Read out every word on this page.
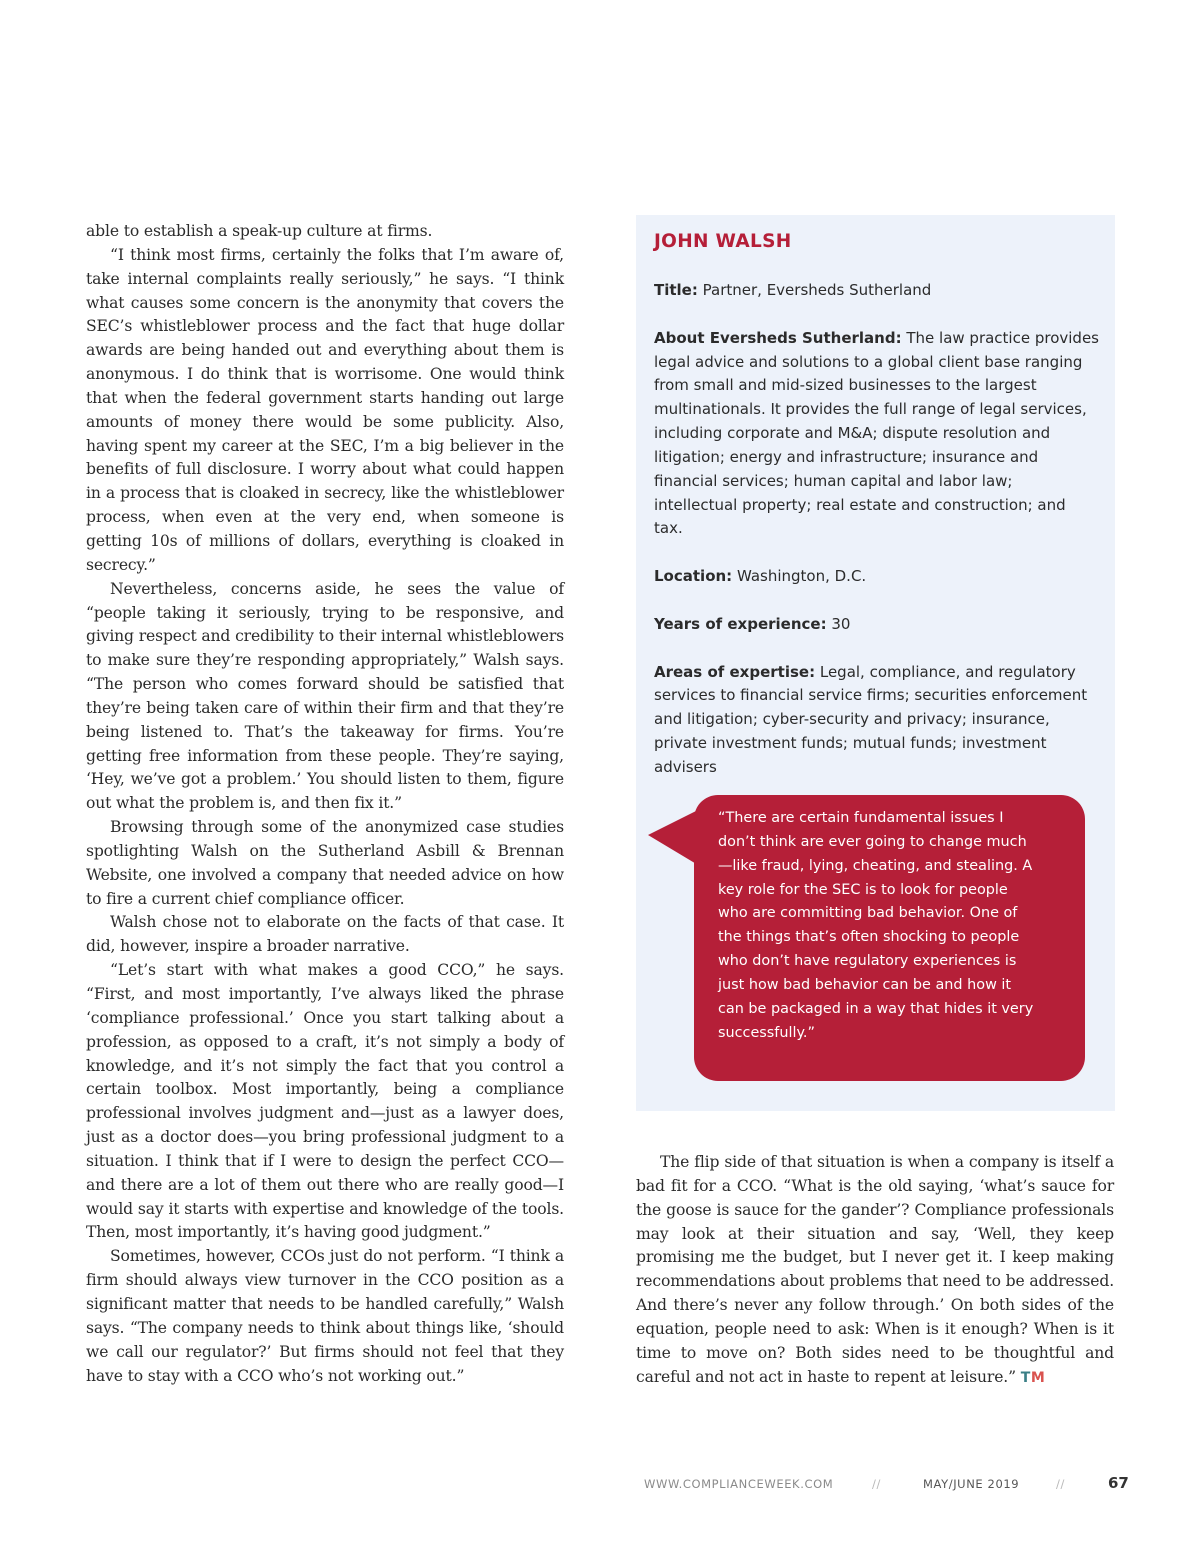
able to establish a speak-up culture at firms.

“I think most firms, certainly the folks that I’m aware of, take internal complaints really seriously,” he says. “I think what causes some concern is the anonymity that covers the SEC’s whistleblower process and the fact that huge dollar awards are being handed out and everything about them is anonymous. I do think that is worrisome. One would think that when the federal government starts handing out large amounts of money there would be some publicity. Also, having spent my career at the SEC, I’m a big believer in the benefits of full disclosure. I worry about what could happen in a process that is cloaked in secrecy, like the whistleblower process, when even at the very end, when someone is getting 10s of millions of dollars, everything is cloaked in secrecy.”

Nevertheless, concerns aside, he sees the value of “people taking it seriously, trying to be responsive, and giving respect and credibility to their internal whistleblowers to make sure they’re responding appropriately,” Walsh says. “The person who comes forward should be satisfied that they’re being taken care of within their firm and that they’re being listened to. That’s the takeaway for firms. You’re getting free information from these people. They’re saying, ‘Hey, we’ve got a problem.’ You should listen to them, figure out what the problem is, and then fix it.”

Browsing through some of the anonymized case studies spotlighting Walsh on the Sutherland Asbill & Brennan Website, one involved a company that needed advice on how to fire a current chief compliance officer.

Walsh chose not to elaborate on the facts of that case. It did, however, inspire a broader narrative.

“Let’s start with what makes a good CCO,” he says. “First, and most importantly, I’ve always liked the phrase ‘compliance professional.’ Once you start talking about a profession, as opposed to a craft, it’s not simply a body of knowledge, and it’s not simply the fact that you control a certain toolbox. Most importantly, being a compliance professional involves judgment and—just as a lawyer does, just as a doctor does—you bring professional judgment to a situation. I think that if I were to design the perfect CCO—and there are a lot of them out there who are really good—I would say it starts with expertise and knowledge of the tools. Then, most importantly, it’s having good judgment.”

Sometimes, however, CCOs just do not perform. “I think a firm should always view turnover in the CCO position as a significant matter that needs to be handled carefully,” Walsh says. “The company needs to think about things like, ‘should we call our regulator?’ But firms should not feel that they have to stay with a CCO who’s not working out.”

JOHN WALSH

Title: Partner, Eversheds Sutherland

About Eversheds Sutherland: The law practice provides legal advice and solutions to a global client base ranging from small and mid-sized businesses to the largest multinationals. It provides the full range of legal services, including corporate and M&A; dispute resolution and litigation; energy and infrastructure; insurance and financial services; human capital and labor law; intellectual property; real estate and construction; and tax.

Location: Washington, D.C.

Years of experience: 30

Areas of expertise: Legal, compliance, and regulatory services to financial service firms; securities enforcement and litigation; cyber-security and privacy; insurance, private investment funds; mutual funds; investment advisers

“There are certain fundamental issues I don’t think are ever going to change much—like fraud, lying, cheating, and stealing. A key role for the SEC is to look for people who are committing bad behavior. One of the things that’s often shocking to people who don’t have regulatory experiences is just how bad behavior can be and how it can be packaged in a way that hides it very successfully.”

The flip side of that situation is when a company is itself a bad fit for a CCO. “What is the old saying, ‘what’s sauce for the goose is sauce for the gander’? Compliance professionals may look at their situation and say, ‘Well, they keep promising me the budget, but I never get it. I keep making recommendations about problems that need to be addressed. And there’s never any follow through.’ On both sides of the equation, people need to ask: When is it enough? When is it time to move on? Both sides need to be thoughtful and careful and not act in haste to repent at leisure.” TM

WWW.COMPLIANCEWEEK.COM	//	MAY/JUNE 2019	//	67
